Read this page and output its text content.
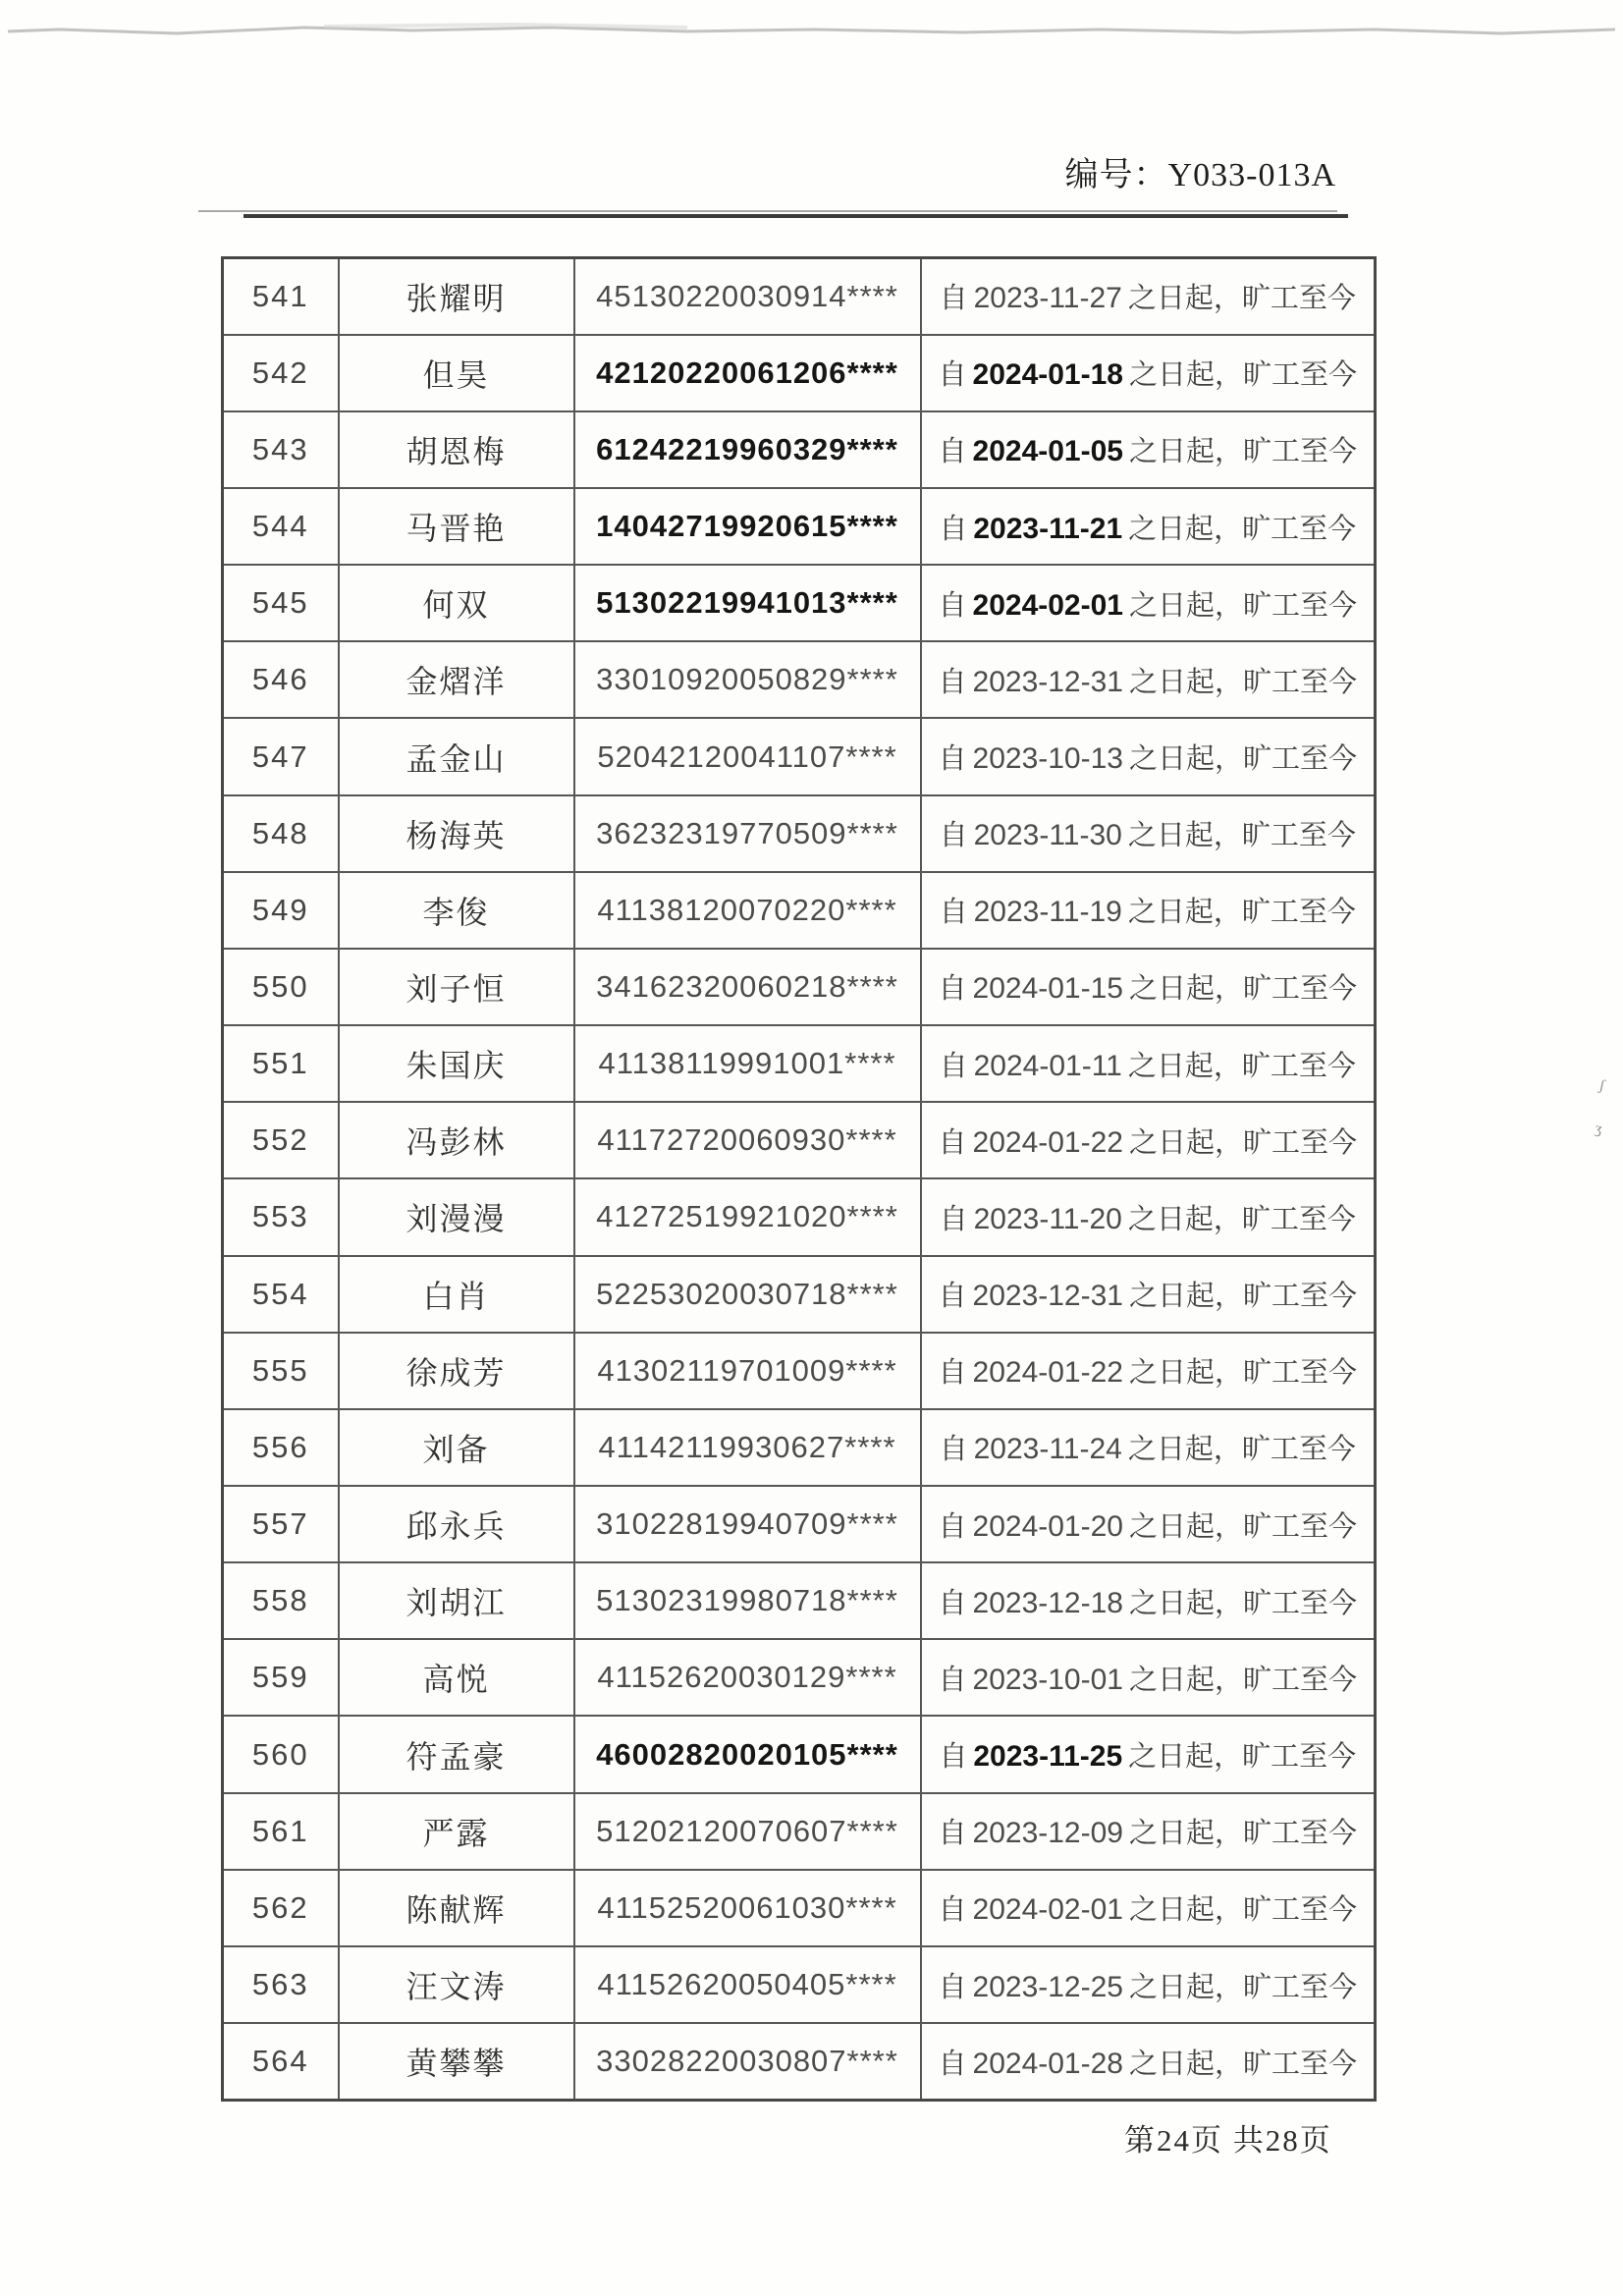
ᶴ
ᶾ
编号：Y033-013A
541	张耀明	45130220030914****	自 2023-11-27 之日起，旷工至今
542	但昊	42120220061206****	自 2024-01-18 之日起，旷工至今
543	胡恩梅	61242219960329****	自 2024-01-05 之日起，旷工至今
544	马晋艳	14042719920615****	自 2023-11-21 之日起，旷工至今
545	何双	51302219941013****	自 2024-02-01 之日起，旷工至今
546	金熠洋	33010920050829****	自 2023-12-31 之日起，旷工至今
547	孟金山	52042120041107****	自 2023-10-13 之日起，旷工至今
548	杨海英	36232319770509****	自 2023-11-30 之日起，旷工至今
549	李俊	41138120070220****	自 2023-11-19 之日起，旷工至今
550	刘子恒	34162320060218****	自 2024-01-15 之日起，旷工至今
551	朱国庆	41138119991001****	自 2024-01-11 之日起，旷工至今
552	冯彭林	41172720060930****	自 2024-01-22 之日起，旷工至今
553	刘漫漫	41272519921020****	自 2023-11-20 之日起，旷工至今
554	白肖	52253020030718****	自 2023-12-31 之日起，旷工至今
555	徐成芳	41302119701009****	自 2024-01-22 之日起，旷工至今
556	刘备	41142119930627****	自 2023-11-24 之日起，旷工至今
557	邱永兵	31022819940709****	自 2024-01-20 之日起，旷工至今
558	刘胡江	51302319980718****	自 2023-12-18 之日起，旷工至今
559	高悦	41152620030129****	自 2023-10-01 之日起，旷工至今
560	符孟豪	46002820020105****	自 2023-11-25 之日起，旷工至今
561	严露	51202120070607****	自 2023-12-09 之日起，旷工至今
562	陈献辉	41152520061030****	自 2024-02-01 之日起，旷工至今
563	汪文涛	41152620050405****	自 2023-12-25 之日起，旷工至今
564	黄攀攀	33028220030807****	自 2024-01-28 之日起，旷工至今
第24页 共28页
